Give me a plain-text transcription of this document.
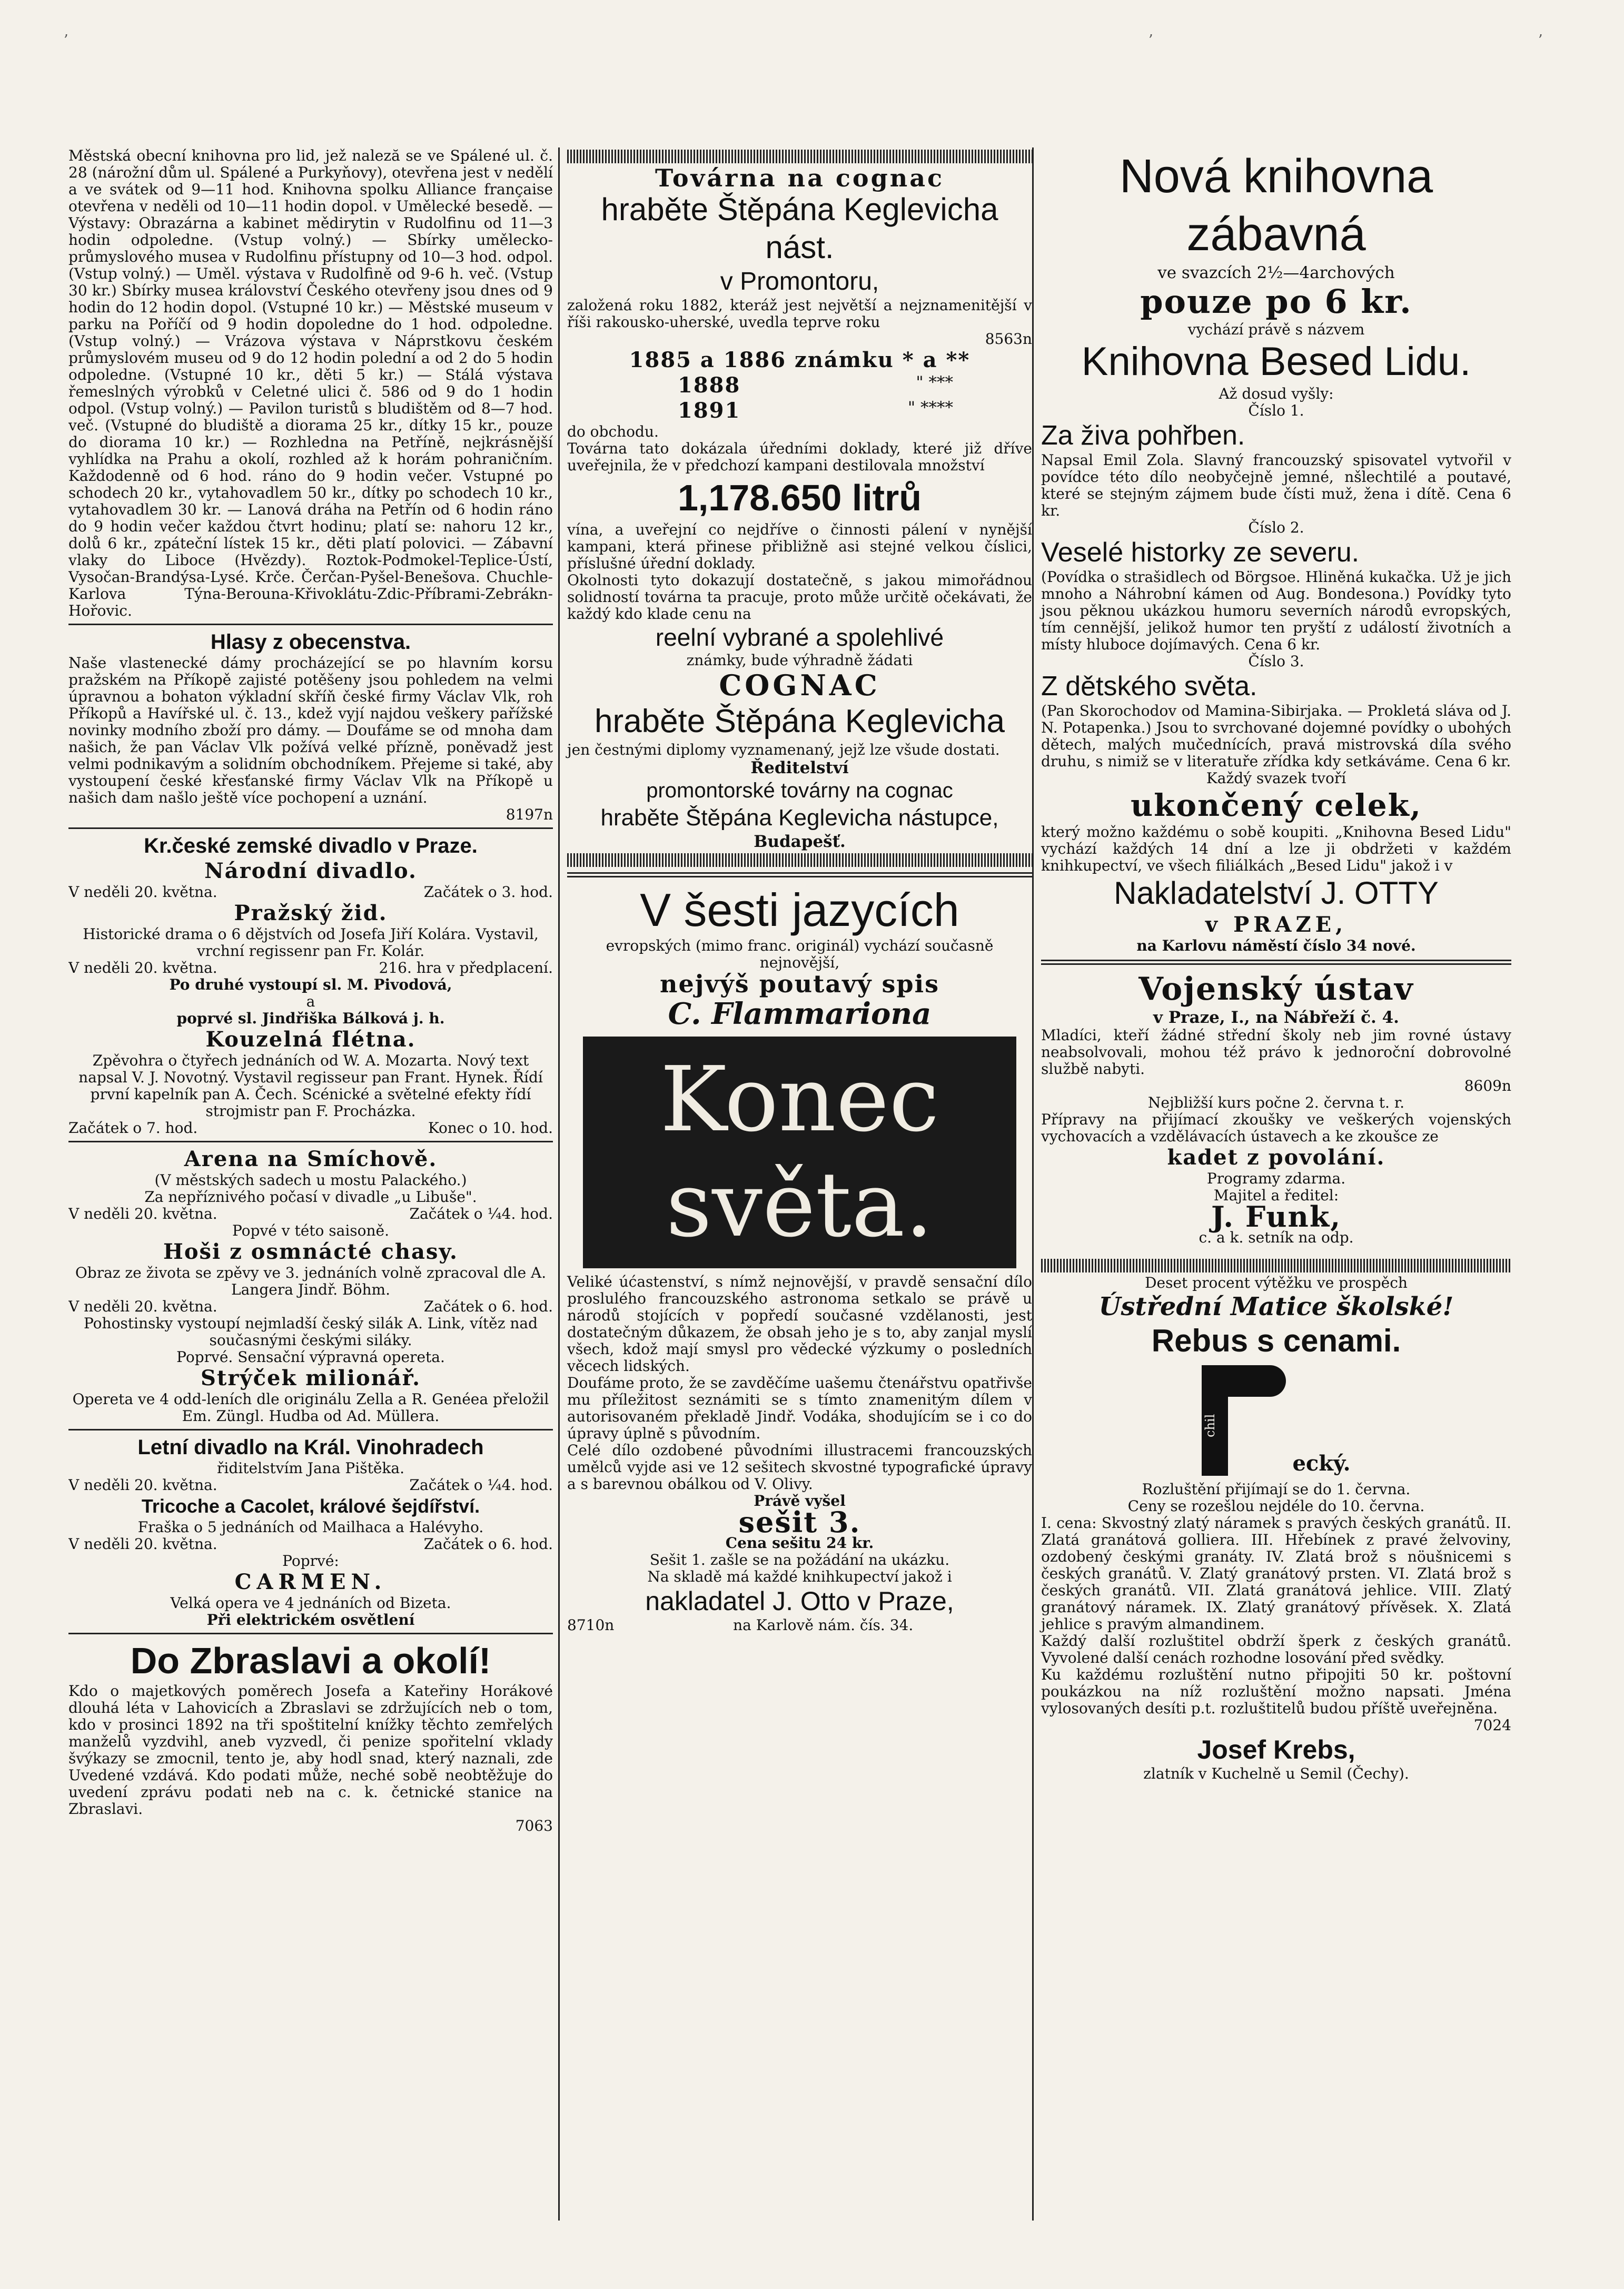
ʼ	ʼ	ʼ

Městská obecní knihovna pro lid, jež naleză se ve Spálené ul. č. 28 (nárožní dům ul. Spálené a Purkyňovy), otevřena jest v nedělí a ve svátek od 9—11 hod. Knihovna spolku Alliance française otevřena v neděli od 10—11 hodin dopol. v Umělecké besedě. — Výstavy: Obrazárna a kabinet mědirytin v Rudolfinu od 11—3 hodin odpoledne. (Vstup volný.) — Sbírky umělecko-průmyslového musea v Rudolfinu přístupny od 10—3 hod. odpol. (Vstup volný.) — Uměl. výstava v Rudolfině od 9-6 h. več. (Vstup 30 kr.) Sbírky musea království Českého otevřeny jsou dnes od 9 hodin do 12 hodin dopol. (Vstupné 10 kr.) — Městské museum v parku na Poříčí od 9 hodin dopoledne do 1 hod. odpoledne. (Vstup volný.) — Vrázova výstava v Náprstkovu českém průmyslovém museu od 9 do 12 hodin polední a od 2 do 5 hodin odpoledne. (Vstupné 10 kr., děti 5 kr.) — Stálá výstava řemeslných výrobků v Celetné ulici č. 586 od 9 do 1 hodin odpol. (Vstup volný.) — Pavilon turistů s bludištěm od 8—7 hod. več. (Vstupné do bludiště a diorama 25 kr., dítky 15 kr., pouze do diorama 10 kr.) — Rozhledna na Petříně, nejkrásnější vyhlídka na Prahu a okolí, rozhled až k horám pohraničním. Každodenně od 6 hod. ráno do 9 hodin večer. Vstupné po schodech 20 kr., vytahovadlem 50 kr., dítky po schodech 10 kr., vytahovadlem 30 kr. — Lanová dráha na Petřín od 6 hodin ráno do 9 hodin večer každou čtvrt hodinu; platí se: nahoru 12 kr., dolů 6 kr., zpáteční lístek 15 kr., děti platí polovici. — Zábavní vlaky do Liboce (Hvězdy). Roztok-Podmokel-Teplice-Ústí, Vysočan-Brandýsa-Lysé. Krče. Čerčan-Pyšel-Benešova. Chuchle-Karlova Týna-Berouna-Křivoklátu-Zdic-Příbrami-Zebrákn-Hořovic.

Hlasy z obecenstva.

Naše vlastenecké dámy procházející se po hlavním korsu pražském na Příkopě zajisté potěšeny jsou pohledem na velmi úpravnou a bohaton výkladní skříň české firmy Václav Vlk, roh Příkopů a Havířské ul. č. 13., kdež vyjí najdou veškery pařížské novinky modního zboží pro dámy. — Doufáme se od mnoha dam našich, že pan Václav Vlk požívá velké přízně, poněvadž jest velmi podnikavým a solidním obchodníkem. Přejeme si také, aby vystoupení české křesťanské firmy Václav Vlk na Příkopě u našich dam našlo ještě více pochopení a uznání.

8197n
Kr.české zemské divadlo v Praze.
Národní divadlo.
V neděli 20. května.	Začátek o 3. hod.
Pražský žid.

Historické drama o 6 dějstvích od Josefa Jiří Kolára. Vystavil, vrchní regissenr pan Fr. Kolár.

V neděli 20. května.	216. hra v předplacení.
Po druhé vystoupí sl. M. Pivodová,
a
poprvé sl. Jindřiška Bálková j. h.
Kouzelná flétna.

Zpěvohra o čtyřech jednáních od W. A. Mozarta. Nový text napsal V. J. Novotný. Vystavil regisseur pan Frant. Hynek. Řídí první kapelník pan A. Čech. Scénické a světelné efekty řídí strojmistr pan F. Procházka.

Začátek o 7. hod.	Konec o 10. hod.
Arena na Smíchově.
(V městských sadech u mostu Palackého.)
Za nepříznivého počasí v divadle „u Libuše".
V neděli 20. května.	Začátek o ¼4. hod.
Popvé v této saisoně.
Hoši z osmnácté chasy.

Obraz ze života se zpěvy ve 3. jednáních volně zpracoval dle A. Langera Jindř. Böhm.

V neděli 20. května.	Začátek o 6. hod.

Pohostinsky vystoupí nejmladší český silák A. Link, vítěz nad současnými českými siláky.

Poprvé. Sensační výpravná opereta.
Strýček milionář.

Opereta ve 4 odd-leních dle originálu Zella a R. Genéea přeložil Em. Züngl. Hudba od Ad. Müllera.

Letní divadlo na Král. Vinohradech
řiditelstvím Jana Pištěka.
V neděli 20. května.	Začátek o ¼4. hod.
Tricoche a Cacolet, králové šejdířství.
Fraška o 5 jednáních od Mailhaca a Halévyho.
V neděli 20. května.	Začátek o 6. hod.
Poprvé:
CARMEN.
Velká opera ve 4 jednáních od Bizeta.
Při elektrickém osvětlení
Do Zbraslavi a okolí!

Kdo o majetkových poměrech Josefa a Kateřiny Horákové dlouhá léta v Lahovicích a Zbraslavi se zdržujících neb o tom, kdo v prosinci 1892 na tři spoštitelní knížky těchto zemřelých manželů vyzdvihl, aneb vyzvedl, či penize spořitelní vklady švýkazy se zmocnil, tento je, aby hodl snad, který naznali, zde Uvedené vzdává. Kdo podati může, neché sobě neobtěžuje do uvedení zprávu podati neb na c. k. četnické stanice na Zbraslavi.

7063
Továrna na cognac
hraběte Štěpána Keglevicha nást.
v Promontoru,

založená roku 1882, kteráž jest největší a nejznamenitější v říši rakousko-uherské, uvedla teprve roku

8563n
1885 a 1886 známku * a **
1888	" ***
1891	" ****
do obchodu.

Továrna tato dokázala úředními doklady, které již dříve uveřejnila, že v předchozí kampani destilovala množství

1,178.650 litrů

vína, a uveřejní co nejdříve o činnosti pálení v nynější kampani, která přinese přibližně asi stejné velkou číslici, příslušné úřední doklady.

Okolnosti tyto dokazují dostatečně, s jakou mimořádnou solidností továrna ta pracuje, proto může určitě očekávati, že každý kdo klade cenu na

reelní vybrané a spolehlivé
známky, bude výhradně žádati
COGNAC
hraběte Štěpána Keglevicha

jen čestnými diplomy vyznamenaný, jejž lze všude dostati.

Ředitelství
promontorské továrny na cognac
hraběte Štěpána Keglevicha nástupce,
Budapešť.
V šesti jazycích
evropských (mimo franc. originál) vychází současně nejnovější,
nejvýš poutavý spis
C. Flammariona
Konec
světa.

Veliké úćastenství, s nímž nejnovější, v pravdě sensační dílo proslulého francouzského astronoma setkalo se právě u národů stojících v popředí současné vzdělanosti, jest dostatečným důkazem, že obsah jeho je s to, aby zanjal myslí všech, kdož mají smysl pro vědecké výzkumy o posledních věcech lidských.

Doufáme proto, že se zavděčíme uašemu čtenářstvu opatřivše mu příležitost seznámiti se s tímto znamenitým dílem v autorisovaném překladě Jindř. Vodáka, shodujícím se i co do úpravy úplně s původním.

Celé dílo ozdobené původními illustracemi francouzských umělců vyjde asi ve 12 sešitech skvostné typografické úpravy a s barevnou obálkou od V. Olivy.

Právě vyšel
sešit 3.
Cena sešitu 24 kr.
Sešit 1. zašle se na požádání na ukázku.
Na skladě má každé knihkupectví jakož i
nakladatel J. Otto v Praze,
8710n	na Karlově nám. čís. 34.
Nová knihovna zábavná
ve svazcích 2½—4archových
pouze po 6 kr.
vychází právě s názvem
Knihovna Besed Lidu.
Až dosud vyšly:
Číslo 1.
Za živa pohřben.

Napsal Emil Zola. Slavný francouzský spisovatel vytvořil v povídce této dílo neobyčejně jemné, nšlechtilé a poutavé, které se stejným zájmem bude čísti muž, žena i dítě. Cena 6 kr.

Číslo 2.
Veselé historky ze severu.

(Povídka o strašidlech od Börgsoe. Hliněná kukačka. Už je jich mnoho a Náhrobní kámen od Aug. Bondesona.) Povídky tyto jsou pěknou ukázkou humoru severních národů evropských, tím cennější, jelikož humor ten pryští z událostí životních a místy hluboce dojímavých. Cena 6 kr.

Číslo 3.
Z dětského světa.

(Pan Skorochodov od Mamina-Sibirjaka. — Prokletá sláva od J. N. Potapenka.) Jsou to svrchované dojemné povídky o ubohých dětech, malých mučednících, pravá mistrovská díla svého druhu, s nimiž se v literatuře zřídka kdy setkáváme. Cena 6 kr.

Každý svazek tvoří
ukončený celek,

který možno každému o sobě koupiti. „Knihovna Besed Lidu" vychází každých 14 dní a lze ji obdržeti v každém knihkupectví, ve všech filiálkách „Besed Lidu" jakož i v

Nakladatelství J. OTTY
v PRAZE,
na Karlovu náměstí číslo 34 nové.
Vojenský ústav
v Praze, I., na Nábřeží č. 4.

Mladíci, kteří žádné střední školy neb jim rovné ústavy neabsolvovali, mohou též právo k jednoroční dobrovolné službě nabyti.

8609n
Nejbližší kurs počne 2. června t. r.

Přípravy na přijímací zkoušky ve veškerých vojenských vychovacích a vzdělávacích ústavech a ke zkoušce ze

kadet z povolání.
Programy zdarma.
Majitel a ředitel:
J. Funk,
c. a k. setník na odp.
Deset procent výtěžku ve prospěch
Ústřední Matice školské!
Rebus s cenami.
chil
ecký.
Rozluštění přijímají se do 1. června.
Ceny se rozešlou nejdéle do 10. června.

I. cena: Skvostný zlatý náramek s pravých českých granátů. II. Zlatá granátová golliera. III. Hřebínek z pravé želvoviny, ozdobený českými granáty. IV. Zlatá brož s nöušnicemi s českých granátů. V. Zlatý granátový prsten. VI. Zlatá brož s českých granátů. VII. Zlatá granátová jehlice. VIII. Zlatý granátový náramek. IX. Zlatý granátový přívěsek. X. Zlatá jehlice s pravým almandinem.

Každý další rozluštitel obdrží šperk z českých granátů. Vyvolené další cenách rozhodne losování před svědky.

Ku každému rozluštění nutno připojiti 50 kr. poštovní poukázkou na níž rozluštění možno napsati. Jména vylosovaných desíti p.t. rozluštitelů budou příště uveřejněna.

7024
Josef Krebs,
zlatník v Kuchelně u Semil (Čechy).
